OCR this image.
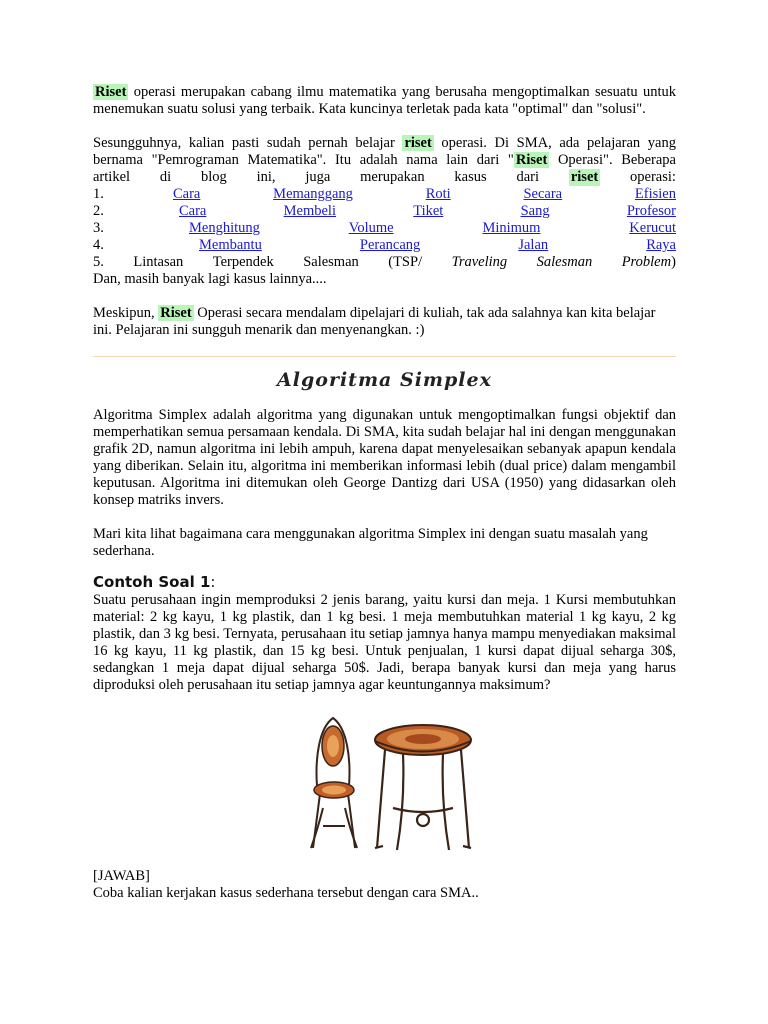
Riset operasi merupakan cabang ilmu matematika yang berusaha mengoptimalkan sesuatu untuk menemukan suatu solusi yang terbaik. Kata kuncinya terletak pada kata "optimal" dan "solusi".

Sesungguhnya, kalian pasti sudah pernah belajar riset operasi. Di SMA, ada pelajaran yang bernama "Pemrograman Matematika". Itu adalah nama lain dari " Riset Operasi". Beberapa

artikel di blog ini, juga merupakan kasus dari riset operasi:
1.	Cara	Memanggang	Roti	Secara	Efisien
2.	Cara	Membeli	Tiket	Sang	Profesor
3.	Menghitung	Volume	Minimum	Kerucut
4.	Membantu	Perancang	Jalan	Raya
5. Lintasan Terpendek Salesman (TSP/ Traveling Salesman Problem)

Dan, masih banyak lagi kasus lainnya....

Meskipun, Riset Operasi secara mendalam dipelajari di kuliah, tak ada salahnya kan kita belajar ini. Pelajaran ini sungguh menarik dan menyenangkan. :)

Algoritma Simplex

Algoritma Simplex adalah algoritma yang digunakan untuk mengoptimalkan fungsi objektif dan memperhatikan semua persamaan kendala. Di SMA, kita sudah belajar hal ini dengan menggunakan grafik 2D, namun algoritma ini lebih ampuh, karena dapat menyelesaikan sebanyak apapun kendala yang diberikan. Selain itu, algoritma ini memberikan informasi lebih (dual price) dalam mengambil keputusan. Algoritma ini ditemukan oleh George Dantizg dari USA (1950) yang didasarkan oleh konsep matriks invers.

Mari kita lihat bagaimana cara menggunakan algoritma Simplex ini dengan suatu masalah yang sederhana.

Contoh Soal 1:

Suatu perusahaan ingin memproduksi 2 jenis barang, yaitu kursi dan meja. 1 Kursi membutuhkan material: 2 kg kayu, 1 kg plastik, dan 1 kg besi. 1 meja membutuhkan material 1 kg kayu, 2 kg plastik, dan 3 kg besi. Ternyata, perusahaan itu setiap jamnya hanya mampu menyediakan maksimal 16 kg kayu, 11 kg plastik, dan 15 kg besi. Untuk penjualan, 1 kursi dapat dijual seharga 30$, sedangkan 1 meja dapat dijual seharga 50$. Jadi, berapa banyak kursi dan meja yang harus diproduksi oleh perusahaan itu setiap jamnya agar keuntungannya maksimum?

[JAWAB]

Coba kalian kerjakan kasus sederhana tersebut dengan cara SMA..
